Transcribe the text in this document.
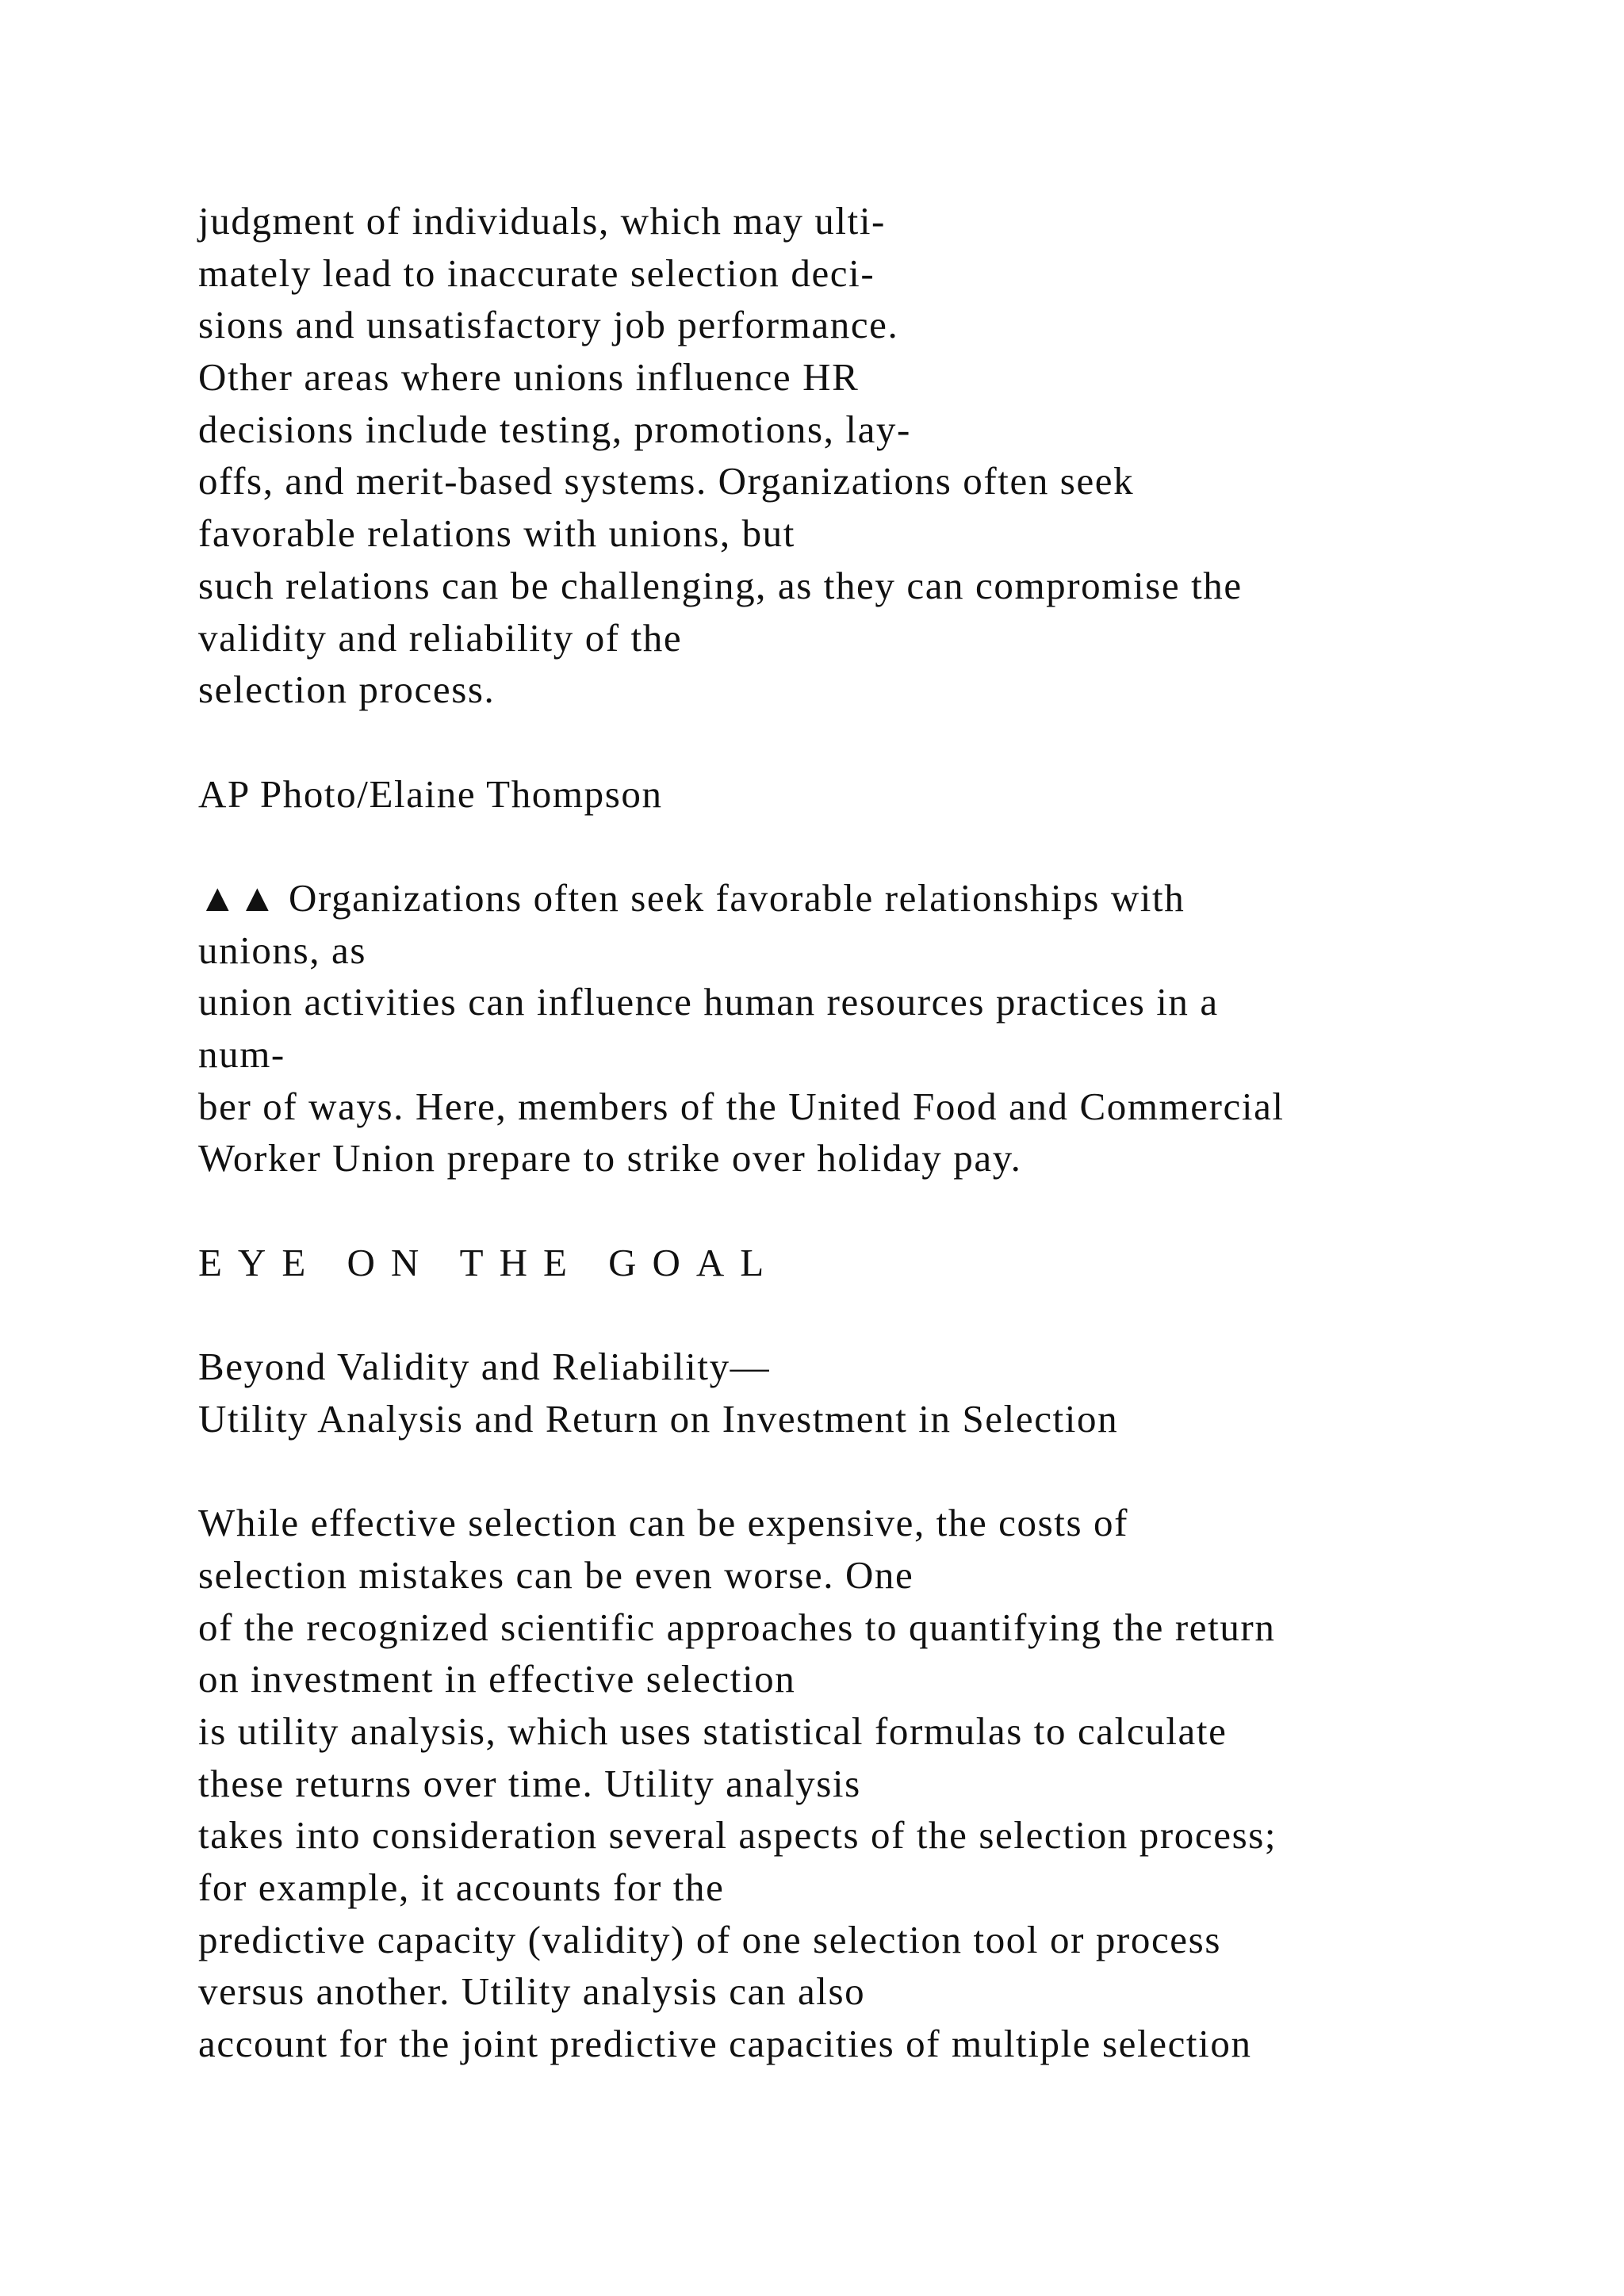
judgment of individuals, which may ulti-
mately lead to inaccurate selection deci-
sions and unsatisfactory job performance.
Other areas where unions influence HR
decisions include testing, promotions, lay-
offs, and merit-based systems. Organizations often seek
favorable relations with unions, but
such relations can be challenging, as they can compromise the
validity and reliability of the
selection process.
AP Photo/Elaine Thompson
▲▲ Organizations often seek favorable relationships with
unions, as
union activities can influence human resources practices in a
num-
ber of ways. Here, members of the United Food and Commercial
Worker Union prepare to strike over holiday pay.
EYE ON THE GOAL
Beyond Validity and Reliability—
Utility Analysis and Return on Investment in Selection
While effective selection can be expensive, the costs of
selection mistakes can be even worse. One
of the recognized scientific approaches to quantifying the return
on investment in effective selection
is utility analysis, which uses statistical formulas to calculate
these returns over time. Utility analysis
takes into consideration several aspects of the selection process;
for example, it accounts for the
predictive capacity (validity) of one selection tool or process
versus another. Utility analysis can also
account for the joint predictive capacities of multiple selection
